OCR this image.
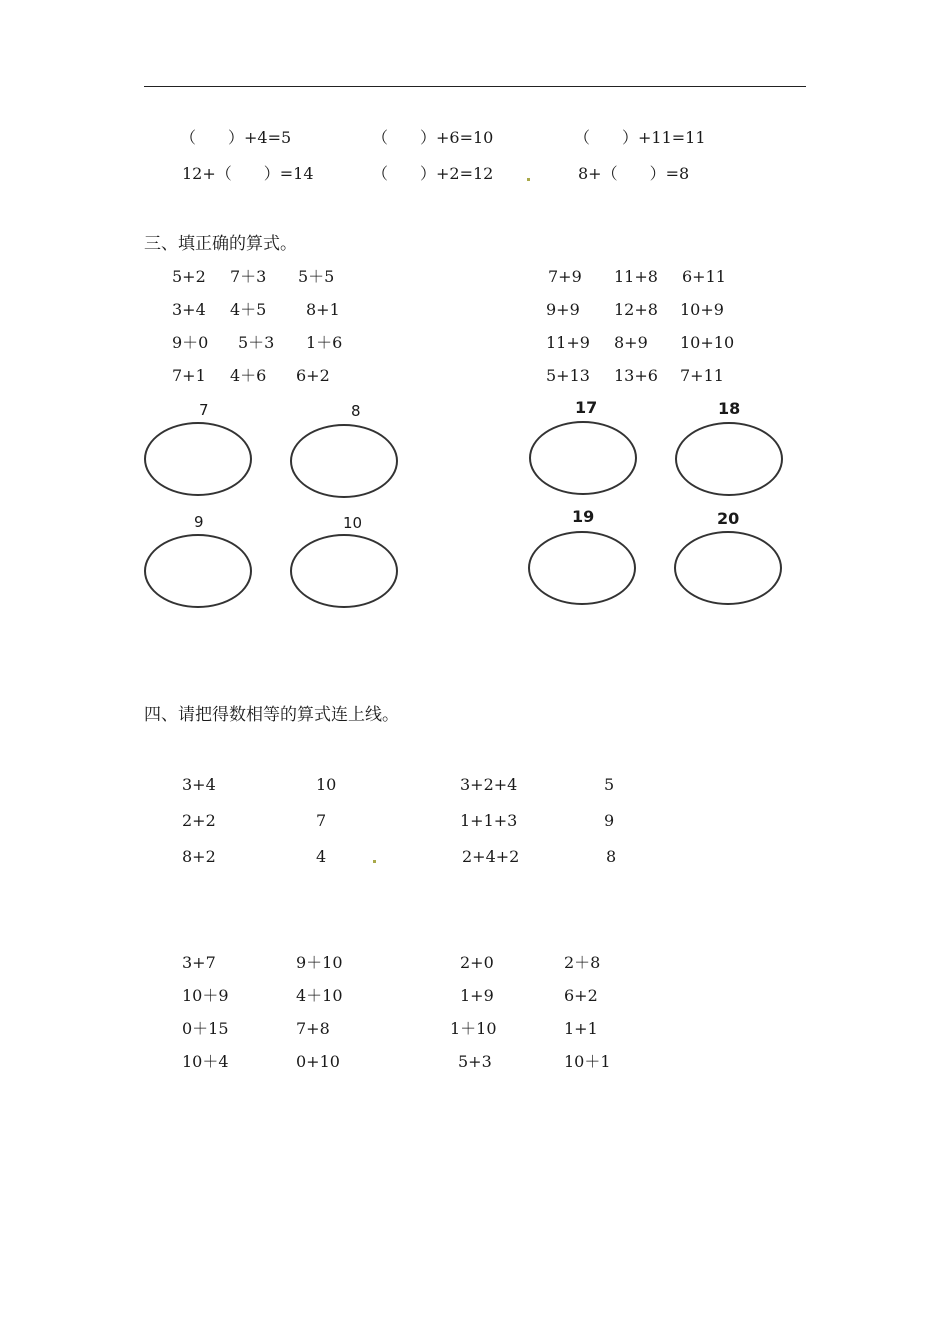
（　　）+4=5	（　　）+6=10	（　　）+11=11
12+（　　）=14	（　　）+2=12	8+（　　）=8
三、填正确的算式。
5+2 7＋3 5＋5
3+4 4＋5 8+1
9＋0 5＋3 1＋6
7+1 4＋6 6+2
7+9 11+8 6+11
9+9 12+8 10+9
11+9 8+9 10+10
5+13 13+6 7+11
7	8
9	10
17	18
19	20
四、请把得数相等的算式连上线。
3+4	10	3+2+4	5
2+2	7	1+1+3	9
8+2	4	2+4+2	8
3+7	9＋10	2+0	2＋8
10＋9	4＋10	1+9	6+2
0＋15	7+8	1＋10	1+1
10＋4	0+10	5+3	10＋1
